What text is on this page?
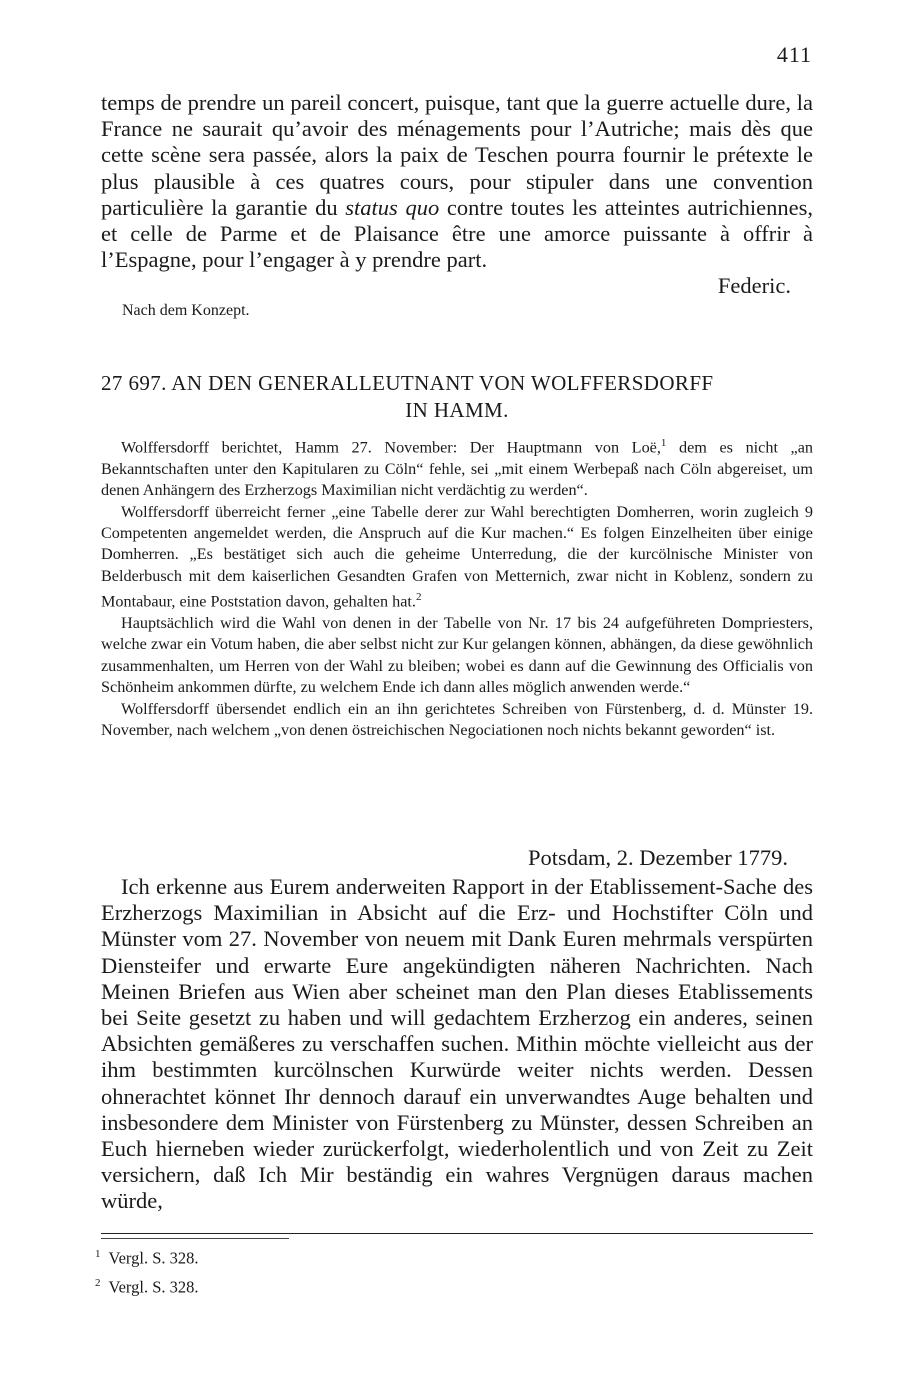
411
temps de prendre un pareil concert, puisque, tant que la guerre actuelle dure, la France ne saurait qu’avoir des ménagements pour l’Autriche; mais dès que cette scène sera passée, alors la paix de Teschen pourra fournir le prétexte le plus plausible à ces quatres cours, pour stipuler dans une convention particulière la garantie du status quo contre toutes les atteintes autrichiennes, et celle de Parme et de Plaisance être une amorce puissante à offrir à l’Espagne, pour l’engager à y prendre part.
Federic.
Nach dem Konzept.
27 697. AN DEN GENERALLEUTNANT VON WOLFFERSDORFF
IN HAMM.
Wolffersdorff berichtet, Hamm 27. November: Der Hauptmann von Loë,$^1$ dem es nicht „an Bekanntschaften unter den Kapitularen zu Cöln“ fehle, sei „mit einem Werbepaß nach Cöln abgereiset, um denen Anhängern des Erzherzogs Maximilian nicht verdächtig zu werden“.
Wolffersdorff überreicht ferner „eine Tabelle derer zur Wahl berechtigten Domherren, worin zugleich 9 Competenten angemeldet werden, die Anspruch auf die Kur machen.“ Es folgen Einzelheiten über einige Domherren. „Es bestätiget sich auch die geheime Unterredung, die der kurcölnische Minister von Belderbusch mit dem kaiserlichen Gesandten Grafen von Metternich, zwar nicht in Koblenz, sondern zu Montabaur, eine Poststation davon, gehalten hat.$^2$
Hauptsächlich wird die Wahl von denen in der Tabelle von Nr. 17 bis 24 aufgeführeten Dompriesters, welche zwar ein Votum haben, die aber selbst nicht zur Kur gelangen können, abhängen, da diese gewöhnlich zusammenhalten, um Herren von der Wahl zu bleiben; wobei es dann auf die Gewinnung des Officialis von Schönheim ankommen dürfte, zu welchem Ende ich dann alles möglich anwenden werde.“
Wolffersdorff übersendet endlich ein an ihn gerichtetes Schreiben von Fürstenberg, d. d. Münster 19. November, nach welchem „von denen östreichischen Negociationen noch nichts bekannt geworden“ ist.
Potsdam, 2. Dezember 1779.
Ich erkenne aus Eurem anderweiten Rapport in der Etablissement-Sache des Erzherzogs Maximilian in Absicht auf die Erz- und Hochstifter Cöln und Münster vom 27. November von neuem mit Dank Euren mehrmals verspürten Diensteifer und erwarte Eure angekündigten näheren Nachrichten. Nach Meinen Briefen aus Wien aber scheinet man den Plan dieses Etablissements bei Seite gesetzt zu haben und will gedachtem Erzherzog ein anderes, seinen Absichten gemäßeres zu verschaffen suchen. Mithin möchte vielleicht aus der ihm bestimmten kurcölnschen Kurwürde weiter nichts werden. Dessen ohnerachtet könnet Ihr dennoch darauf ein unverwandtes Auge behalten und insbesondere dem Minister von Fürstenberg zu Münster, dessen Schreiben an Euch hierneben wieder zurückerfolgt, wiederholentlich und von Zeit zu Zeit versichern, daß Ich Mir beständig ein wahres Vergnügen daraus machen würde,
$^1$ Vergl. S. 328.
$^2$ Vergl. S. 328.
